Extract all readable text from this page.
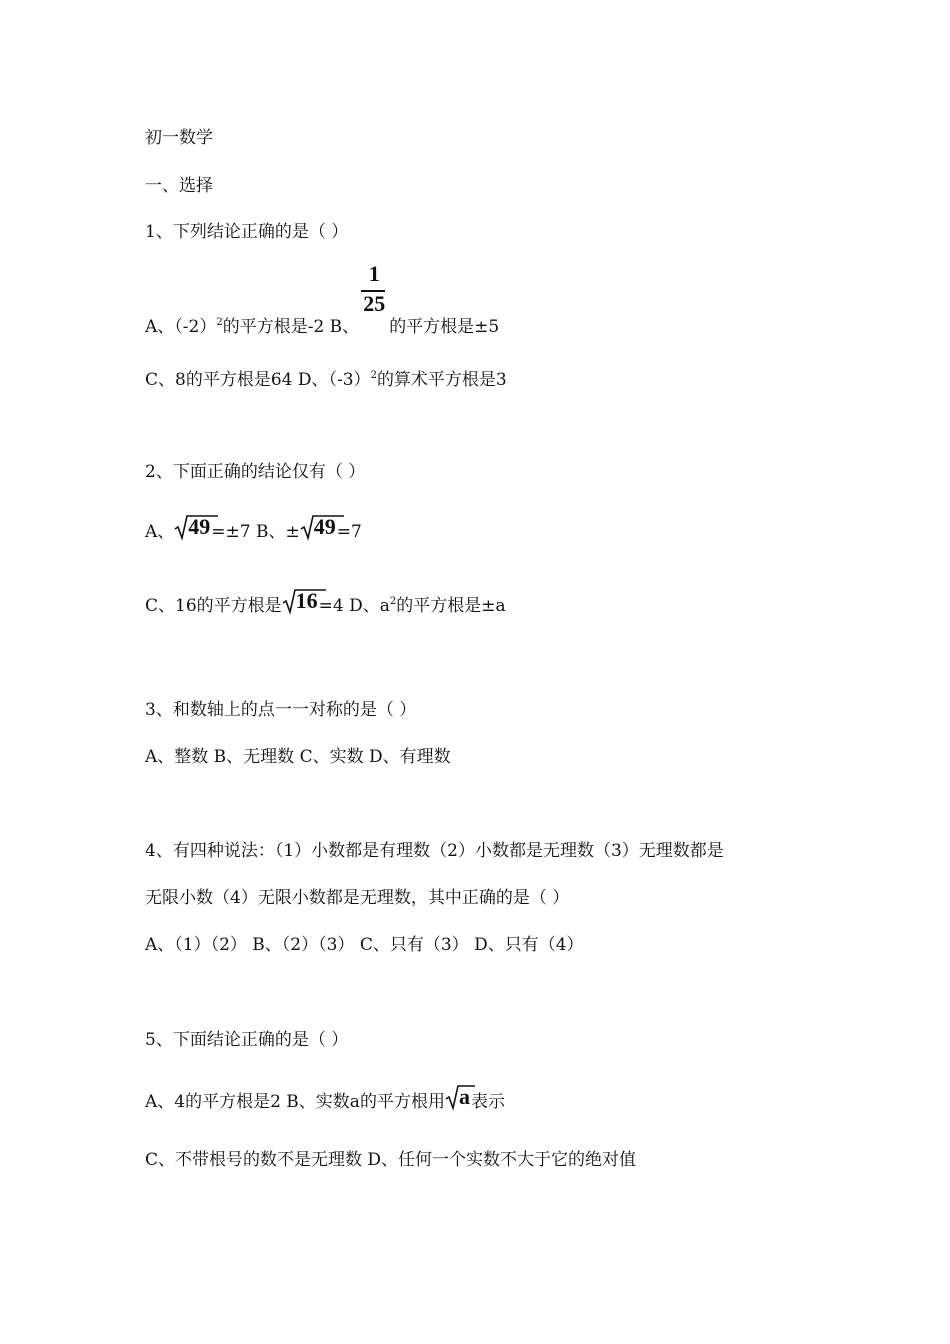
初一数学
一、选择
1、下列结论正确的是（ ）
A、$(-2)^2$的平方根是-2 B、 $\frac{1}{25}$ 的平方根是±5
C、8的平方根是64 D、$(-3)^2$的算术平方根是3
2、下面正确的结论仅有（ ）
A、 49=±7 B、± 49=7
C、16的平方根是 16=4 D、$a^2$的平方根是±a
3、和数轴上的点一一对称的是（ ）
A、整数 B、无理数 C、实数 D、有理数
4、有四种说法：（1）小数都是有理数（2）小数都是无理数（3）无理数都是
无限小数（4）无限小数都是无理数，其中正确的是（ ）
A、（1）（2） B、（2）（3） C、只有（3） D、只有（4）
5、下面结论正确的是（ ）
A、4的平方根是2 B、实数a的平方根用 a表示
C、不带根号的数不是无理数 D、任何一个实数不大于它的绝对值
